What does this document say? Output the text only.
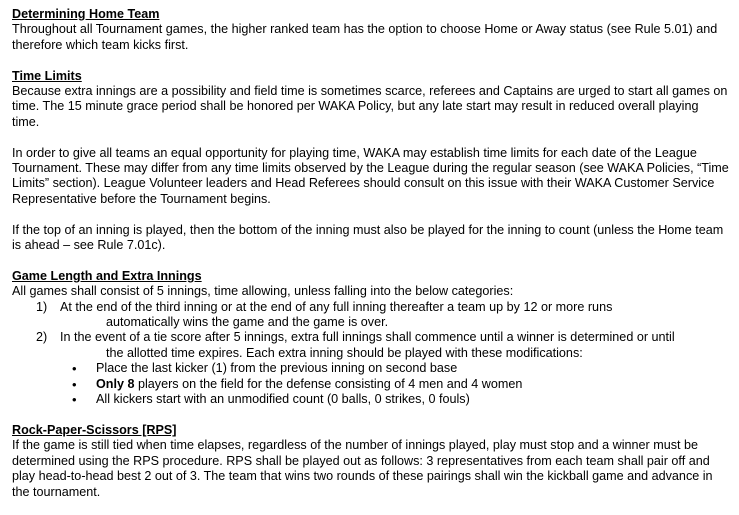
Determining Home Team

Throughout all Tournament games, the higher ranked team has the option to choose Home or Away status (see Rule 5.01) and therefore which team kicks first.

Time Limits

Because extra innings are a possibility and field time is sometimes scarce, referees and Captains are urged to start all games on time. The 15 minute grace period shall be honored per WAKA Policy, but any late start may result in reduced overall playing time.

In order to give all teams an equal opportunity for playing time, WAKA may establish time limits for each date of the League Tournament. These may differ from any time limits observed by the League during the regular season (see WAKA Policies, “Time Limits” section). League Volunteer leaders and Head Referees should consult on this issue with their WAKA Customer Service Representative before the Tournament begins.

If the top of an inning is played, then the bottom of the inning must also be played for the inning to count (unless the Home team is ahead – see Rule 7.01c).

Game Length and Extra Innings

All games shall consist of 5 innings, time allowing, unless falling into the below categories:

1) At the end of the third inning or at the end of any full inning thereafter a team up by 12 or more runs
automatically wins the game and the game is over.
2) In the event of a tie score after 5 innings, extra full innings shall commence until a winner is determined or until
the allotted time expires. Each extra inning should be played with these modifications:
• Place the last kicker (1) from the previous inning on second base
• Only 8 players on the field for the defense consisting of 4 men and 4 women
• All kickers start with an unmodified count (0 balls, 0 strikes, 0 fouls)
Rock-Paper-Scissors [RPS]

If the game is still tied when time elapses, regardless of the number of innings played, play must stop and a winner must be determined using the RPS procedure. RPS shall be played out as follows: 3 representatives from each team shall pair off and play head-to-head best 2 out of 3. The team that wins two rounds of these pairings shall win the kickball game and advance in the tournament.
